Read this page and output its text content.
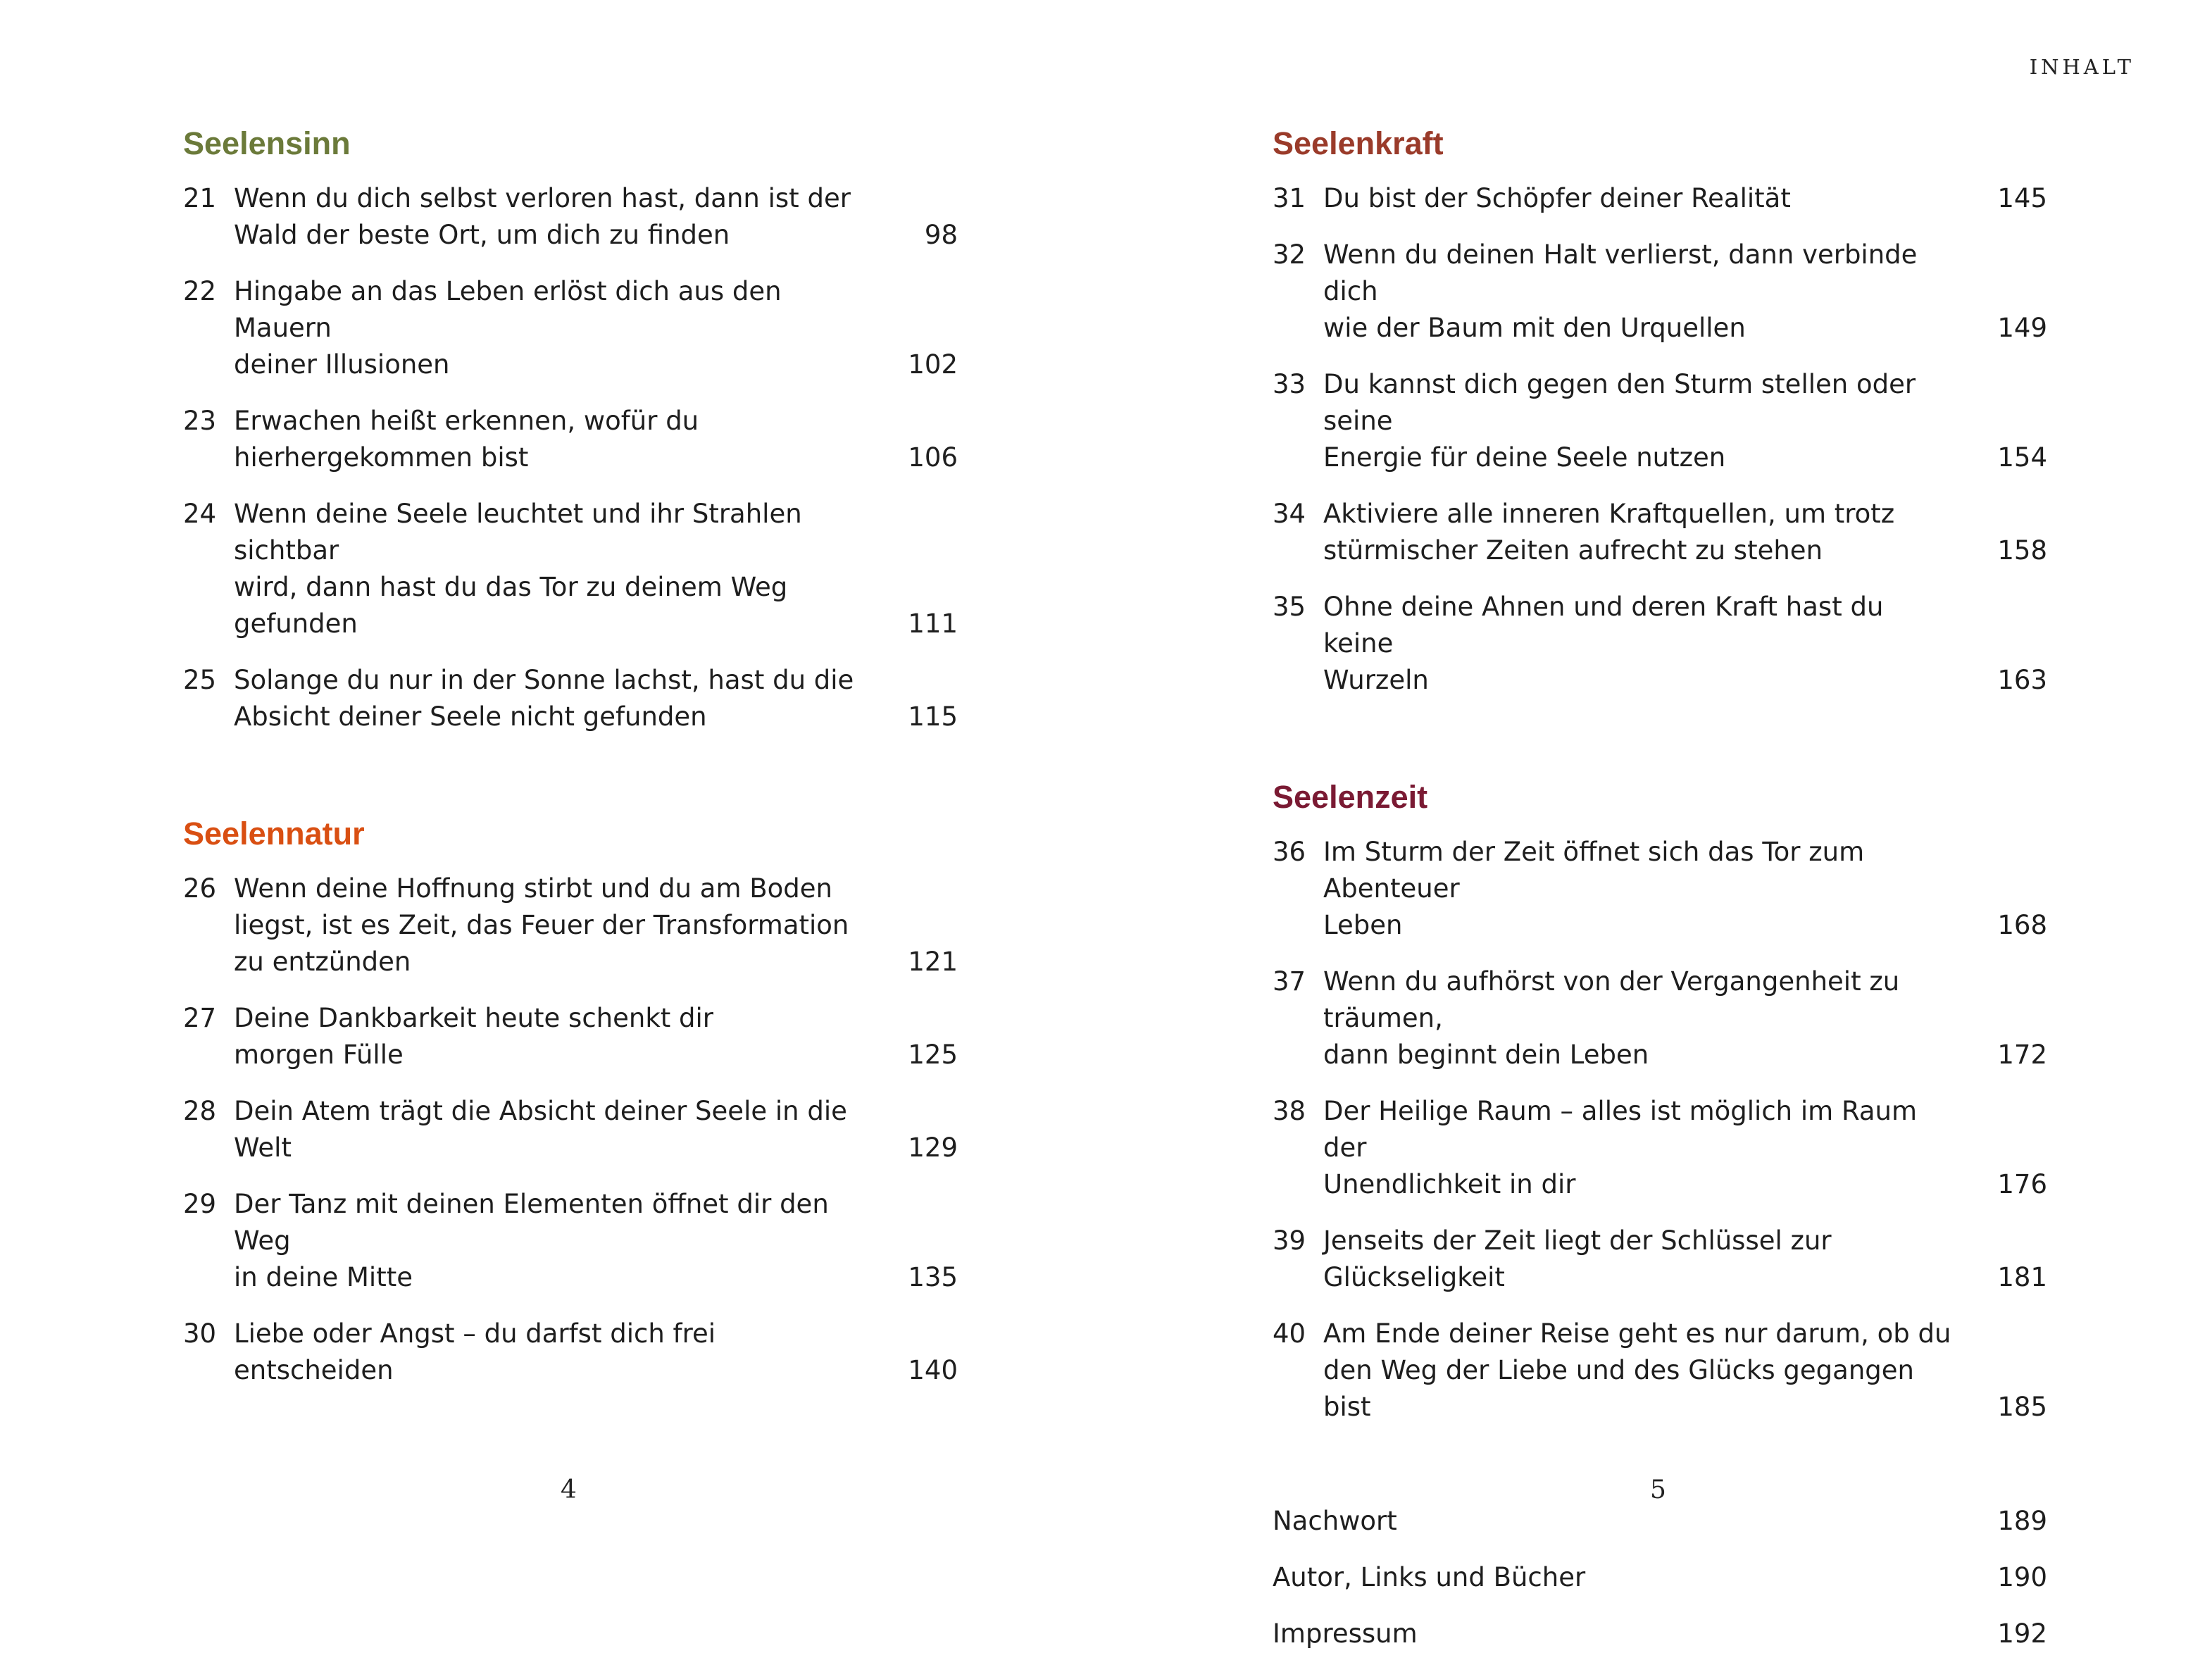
INHALT
Seelensinn
21 Wenn du dich selbst verloren hast, dann ist der
Wald der beste Ort, um dich zu finden	98
22 Hingabe an das Leben erlöst dich aus den Mauern
deiner Illusionen	102
23 Erwachen heißt erkennen, wofür du
hierhergekommen bist	106
24 Wenn deine Seele leuchtet und ihr Strahlen sichtbar
wird, dann hast du das Tor zu deinem Weg gefunden	111
25 Solange du nur in der Sonne lachst, hast du die
Absicht deiner Seele nicht gefunden	115
Seelennatur
26 Wenn deine Hoffnung stirbt und du am Boden
liegst, ist es Zeit, das Feuer der Transformation
zu entzünden	121
27 Deine Dankbarkeit heute schenkt dir
morgen Fülle	125
28 Dein Atem trägt die Absicht deiner Seele in die Welt	129
29 Der Tanz mit deinen Elementen öffnet dir den Weg
in deine Mitte	135
30 Liebe oder Angst – du darfst dich frei entscheiden	140
Seelenkraft
31 Du bist der Schöpfer deiner Realität	145
32 Wenn du deinen Halt verlierst, dann verbinde dich
wie der Baum mit den Urquellen	149
33 Du kannst dich gegen den Sturm stellen oder seine
Energie für deine Seele nutzen	154
34 Aktiviere alle inneren Kraftquellen, um trotz
stürmischer Zeiten aufrecht zu stehen	158
35 Ohne deine Ahnen und deren Kraft hast du keine
Wurzeln	163
Seelenzeit
36 Im Sturm der Zeit öffnet sich das Tor zum Abenteuer
Leben	168
37 Wenn du aufhörst von der Vergangenheit zu träumen,
dann beginnt dein Leben	172
38 Der Heilige Raum – alles ist möglich im Raum der
Unendlichkeit in dir	176
39 Jenseits der Zeit liegt der Schlüssel zur
Glückseligkeit	181
40 Am Ende deiner Reise geht es nur darum, ob du
den Weg der Liebe und des Glücks gegangen bist	185
Nachwort	189
Autor, Links und Bücher	190
Impressum	192
4	5
